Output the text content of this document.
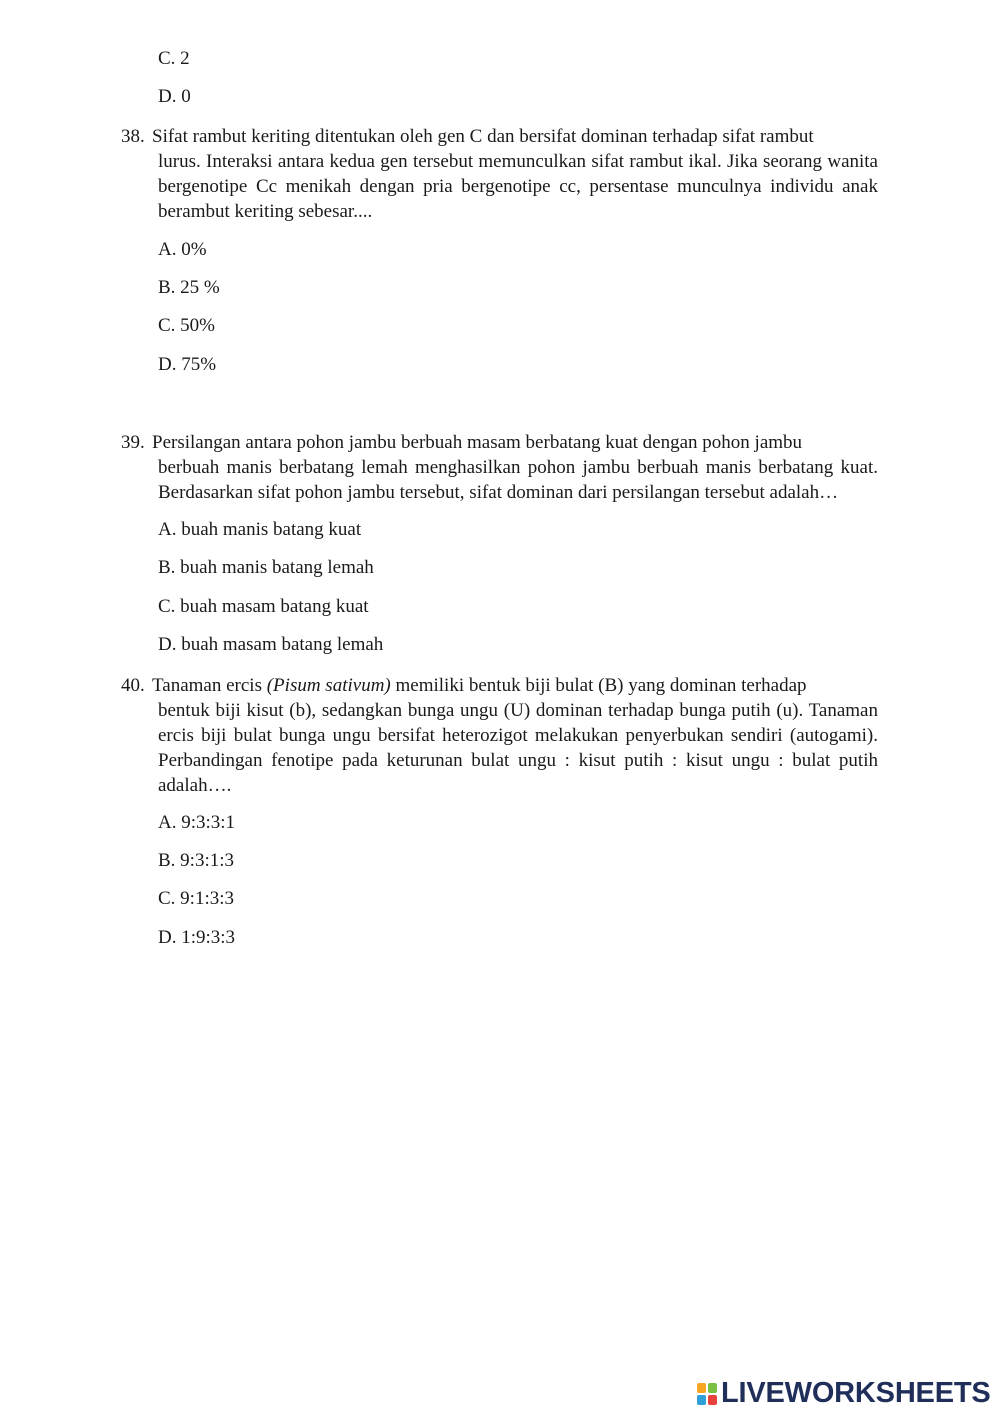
C. 2

D. 0

38. Sifat rambut keriting ditentukan oleh gen C dan bersifat dominan terhadap sifat rambut
lurus. Interaksi antara kedua gen tersebut memunculkan sifat rambut ikal. Jika seorang wanita bergenotipe Cc menikah dengan pria bergenotipe cc, persentase munculnya individu anak berambut keriting sebesar....

A. 0%

B. 25 %

C. 50%

D. 75%

39. Persilangan antara pohon jambu berbuah masam berbatang kuat dengan pohon jambu
berbuah manis berbatang lemah menghasilkan pohon jambu berbuah manis berbatang kuat. Berdasarkan sifat pohon jambu tersebut, sifat dominan dari persilangan tersebut adalah…

A. buah manis batang kuat

B. buah manis batang lemah

C. buah masam batang kuat

D. buah masam batang lemah

40. Tanaman ercis (Pisum sativum) memiliki bentuk biji bulat (B) yang dominan terhadap
bentuk biji kisut (b), sedangkan bunga ungu (U) dominan terhadap bunga putih (u). Tanaman ercis biji bulat bunga ungu bersifat heterozigot melakukan penyerbukan sendiri (autogami). Perbandingan fenotipe pada keturunan bulat ungu : kisut putih : kisut ungu : bulat putih adalah….

A. 9:3:3:1

B. 9:3:1:3

C. 9:1:3:3

D. 1:9:3:3

LIVEWORKSHEETS
